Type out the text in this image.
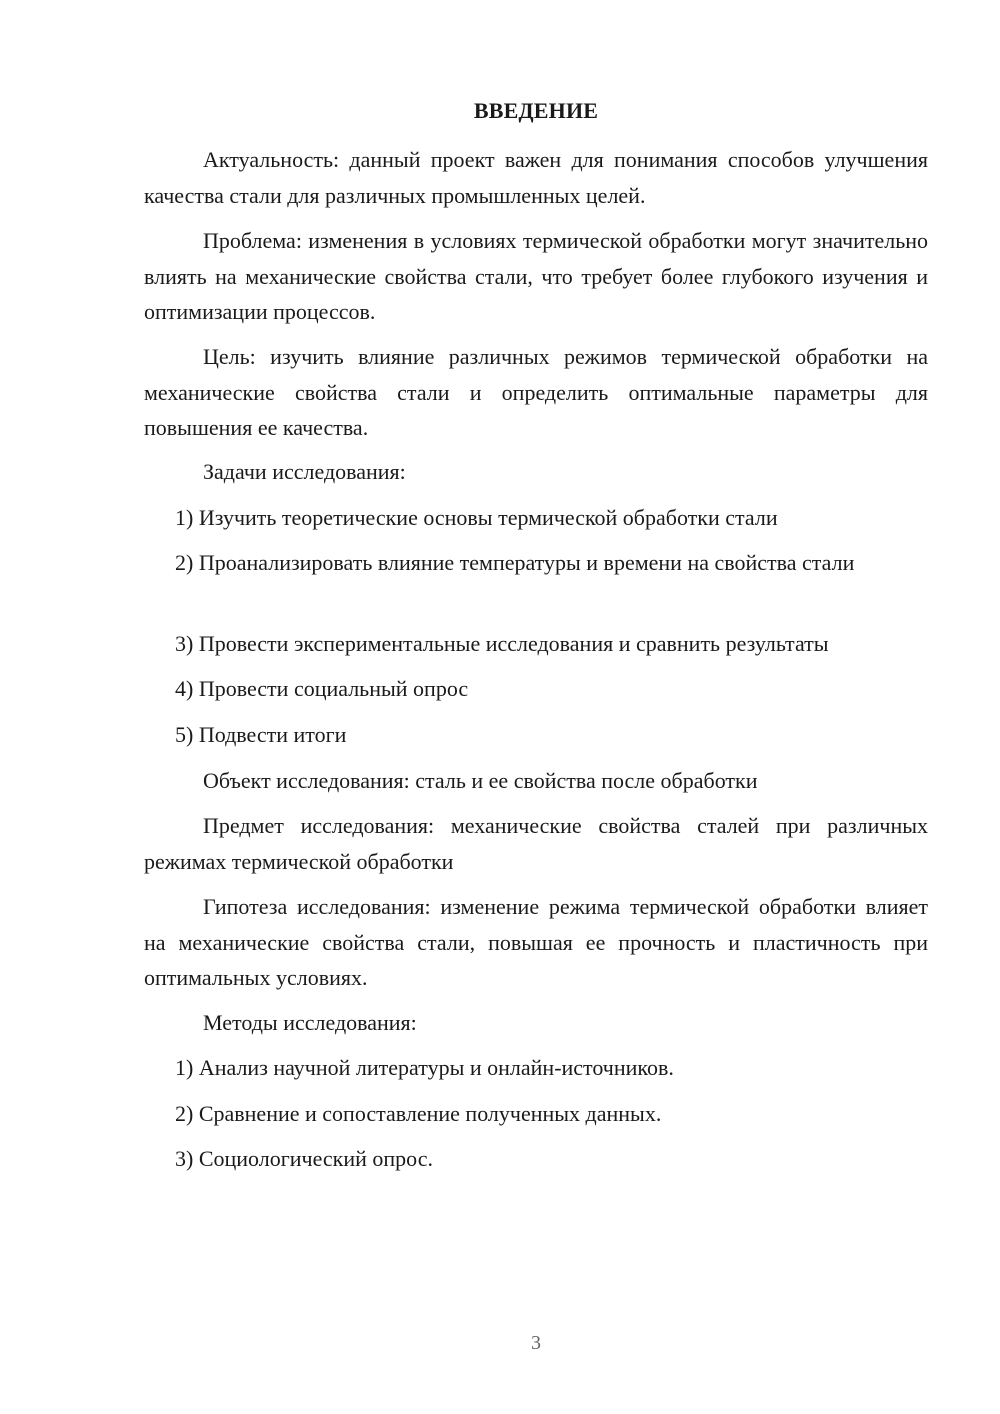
ВВЕДЕНИЕ

Актуальность: данный проект важен для понимания способов улучшения качества стали для различных промышленных целей.

Проблема: изменения в условиях термической обработки могут значительно влиять на механические свойства стали, что требует более глубокого изучения и оптимизации процессов.

Цель: изучить влияние различных режимов термической обработки на механические свойства стали и определить оптимальные параметры для повышения ее качества.

Задачи исследования:

1) Изучить теоретические основы термической обработки стали

2) Проанализировать влияние температуры и времени на свойства стали

3) Провести экспериментальные исследования и сравнить результаты

4) Провести социальный опрос

5) Подвести итоги

Объект исследования: сталь и ее свойства после обработки

Предмет исследования: механические свойства сталей при различных режимах термической обработки

Гипотеза исследования: изменение режима термической обработки влияет на механические свойства стали, повышая ее прочность и пластичность при оптимальных условиях.

Методы исследования:

1) Анализ научной литературы и онлайн-источников.

2) Сравнение и сопоставление полученных данных.

3) Социологический опрос.

3
